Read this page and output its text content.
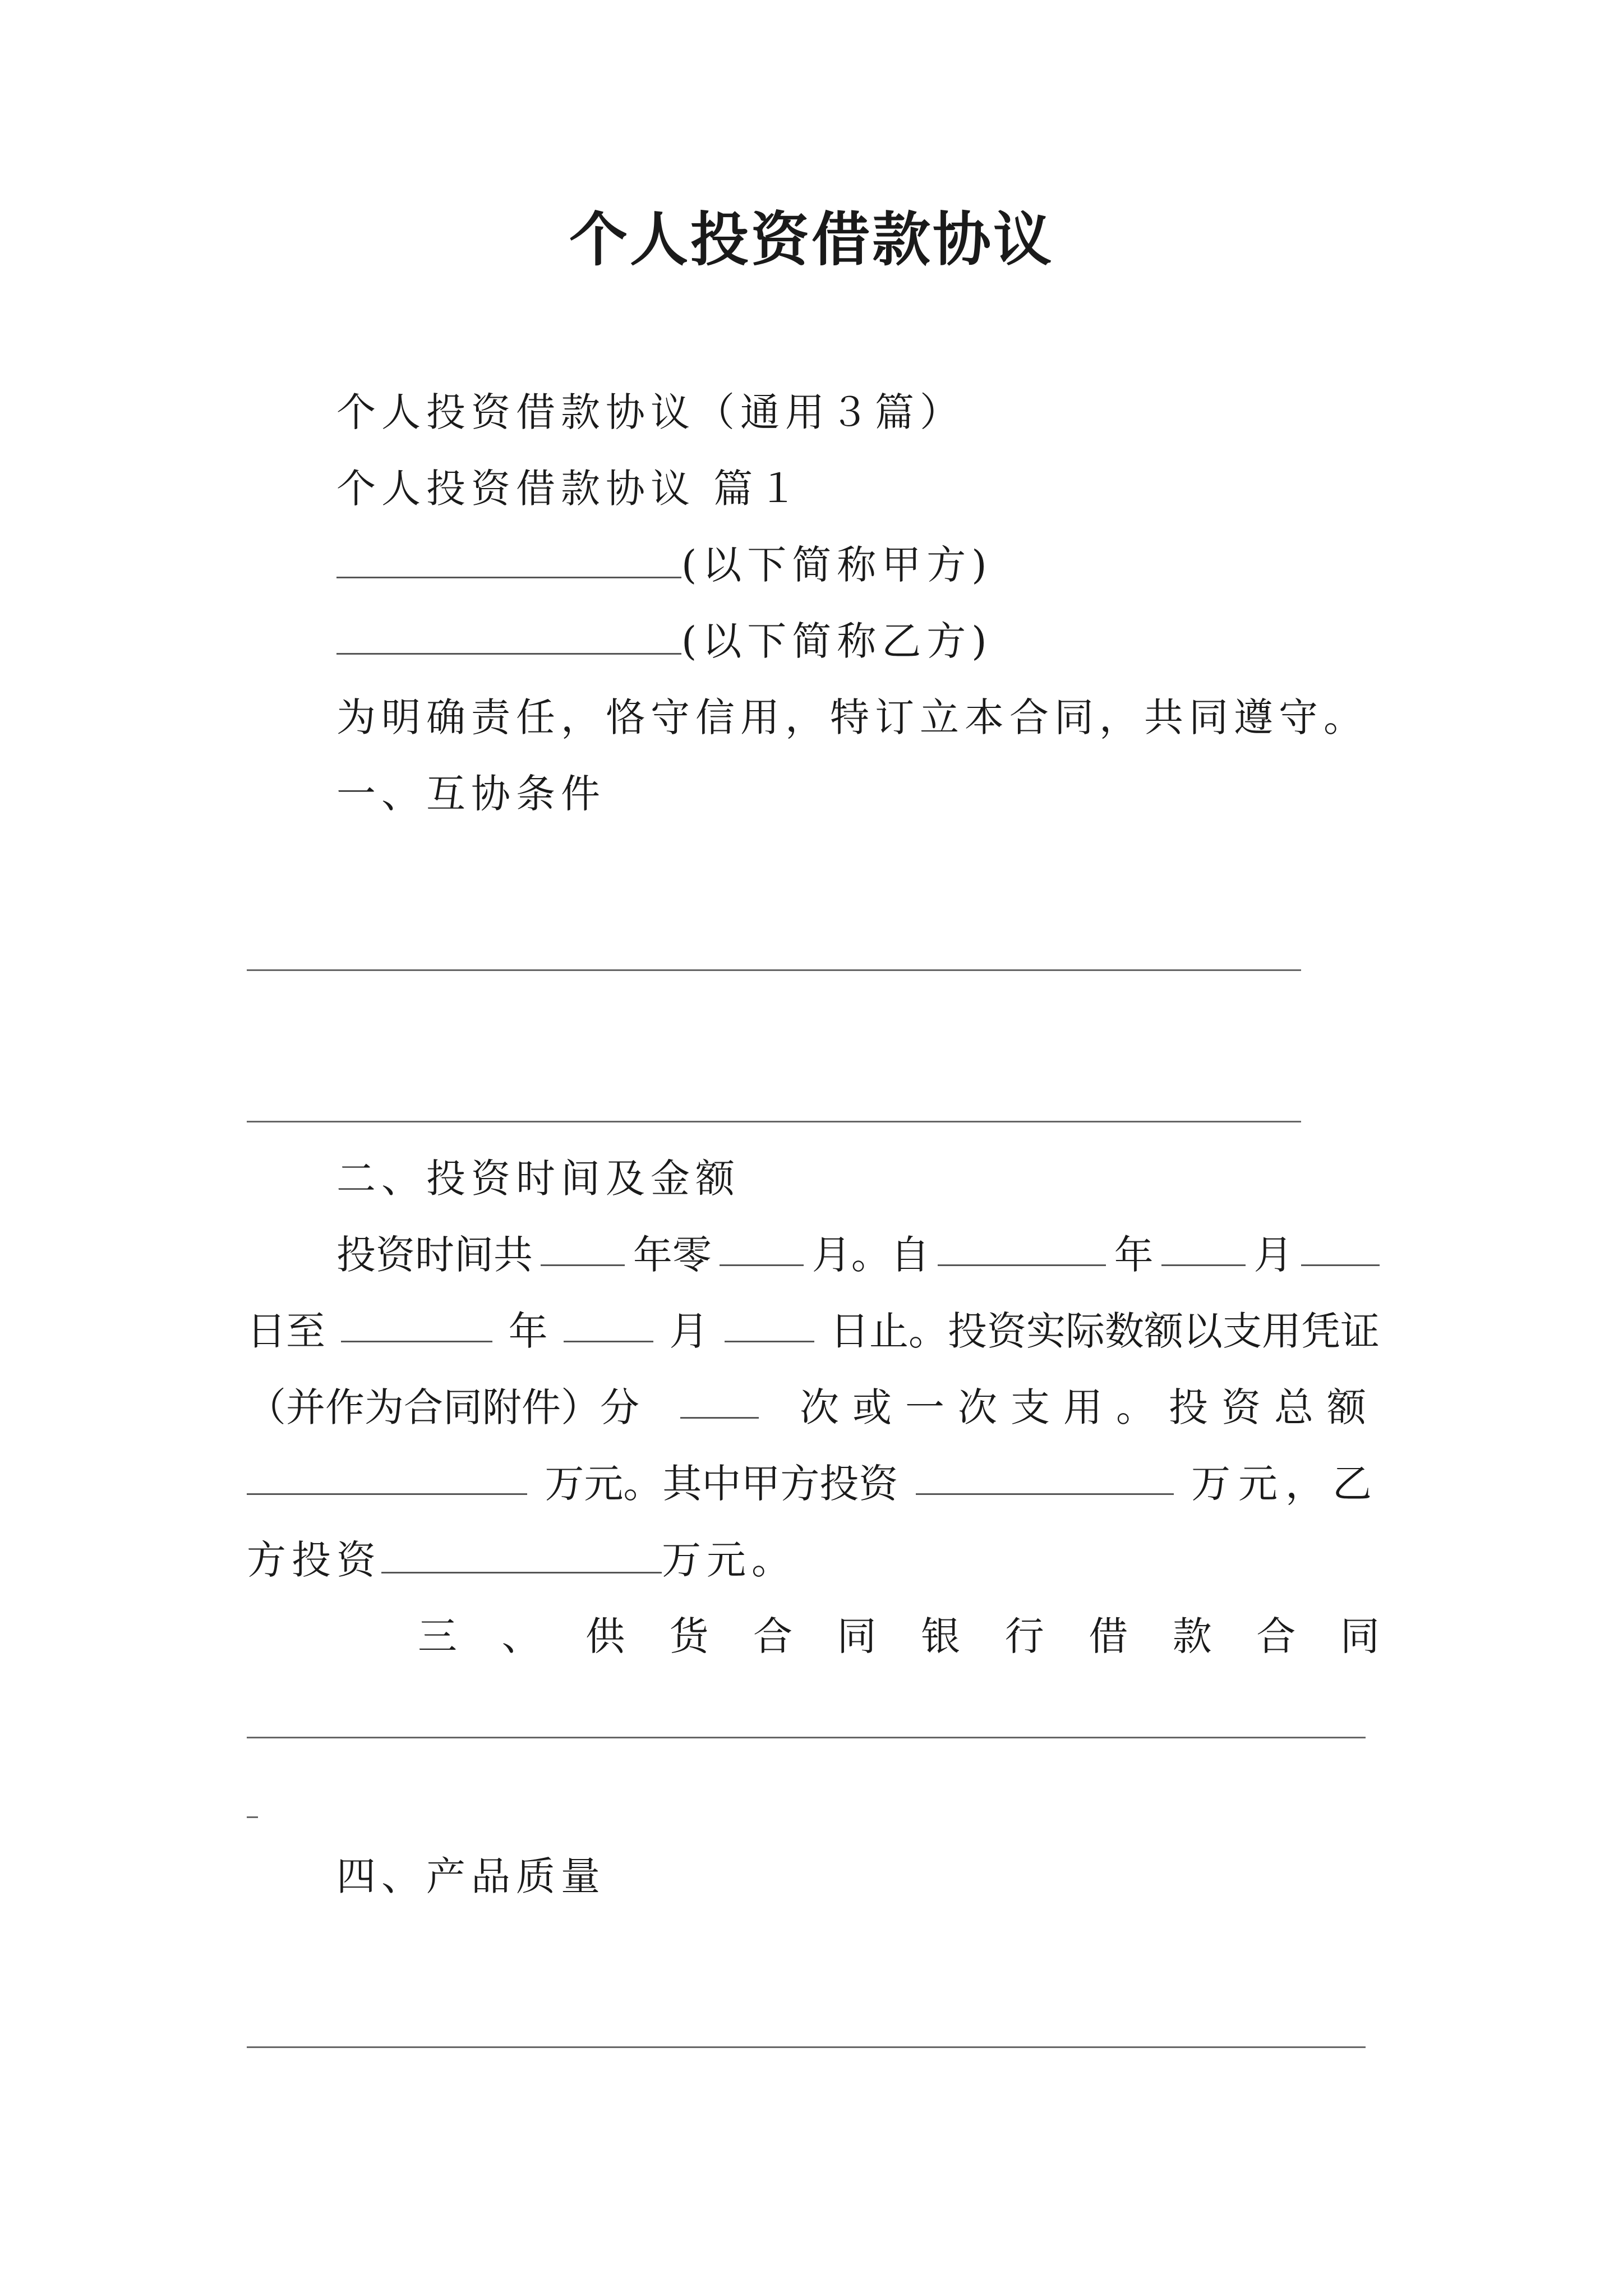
个人投资借款协议
个人投资借款协议（通用３篇）
个人投资借款协议 篇１
(以下简称甲方)
(以下简称乙方)
为明确责任，恪守信用，特订立本合同，共同遵守。
一、互协条件
二、投资时间及金额
投资时间共	年零	月。自	年	月
日至	年	月	日止。投资实际数额以支用凭证
（并作为合同附件）分	次或一次支用。投资总额
万元。其中甲方投资	万元，乙
方投资	万元。
三 、 供 货 合 同 银 行 借 款 合 同
四、产品质量
